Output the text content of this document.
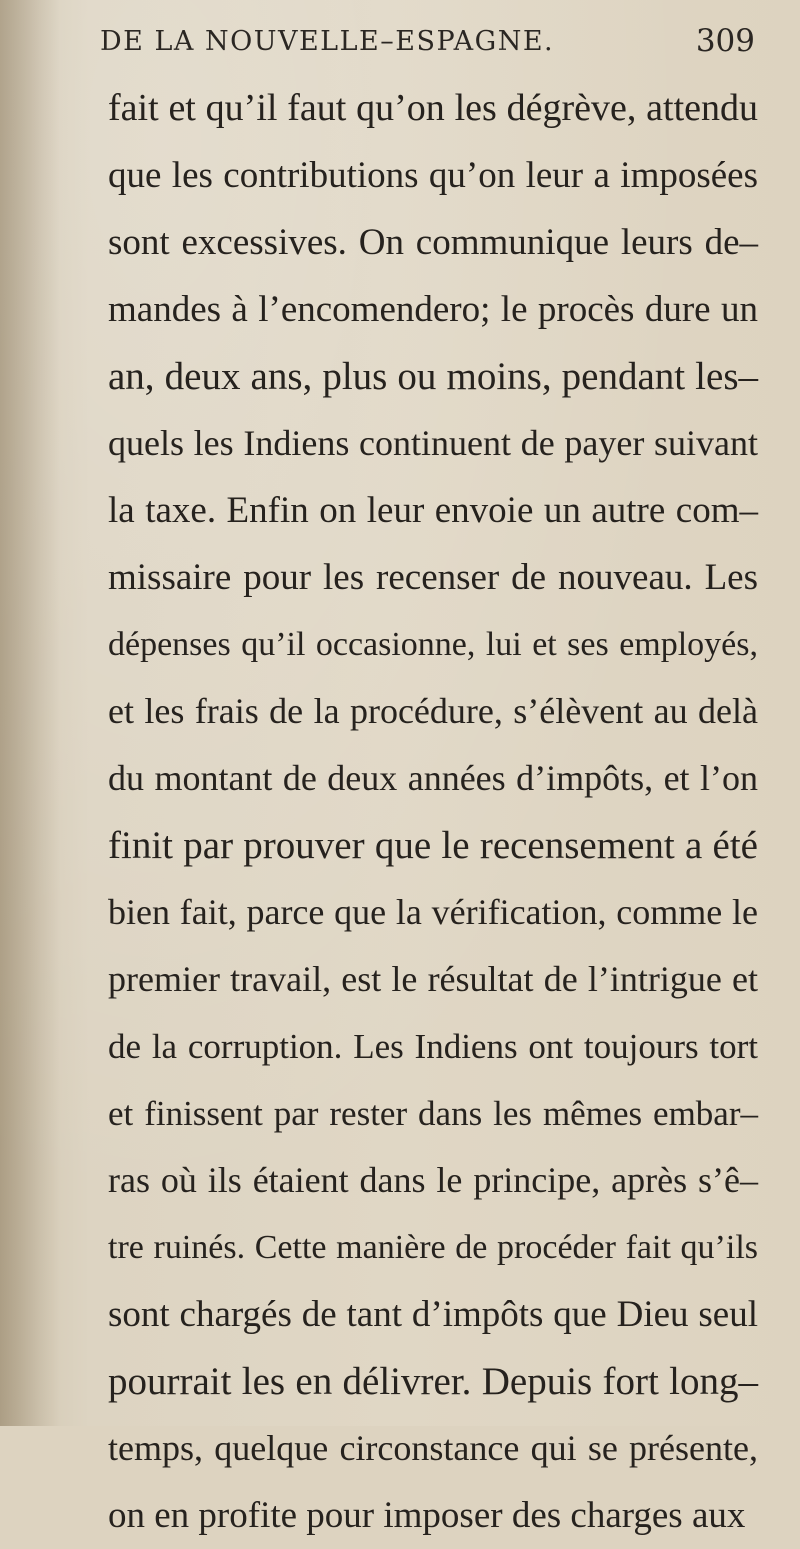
DE LA NOUVELLE–ESPAGNE.	309
fait et qu’il faut qu’on les dégrève, attendu
que les contributions qu’on leur a imposées
sont excessives. On communique leurs de–
mandes à l’encomendero; le procès dure un
an, deux ans, plus ou moins, pendant les–
quels les Indiens continuent de payer suivant
la taxe. Enfin on leur envoie un autre com–
missaire pour les recenser de nouveau. Les
dépenses qu’il occasionne, lui et ses employés,
et les frais de la procédure, s’élèvent au delà
du montant de deux années d’impôts, et l’on
finit par prouver que le recensement a été
bien fait, parce que la vérification, comme le
premier travail, est le résultat de l’intrigue et
de la corruption. Les Indiens ont toujours tort
et finissent par rester dans les mêmes embar–
ras où ils étaient dans le principe, après s’ê–
tre ruinés. Cette manière de procéder fait qu’ils
sont chargés de tant d’impôts que Dieu seul
pourrait les en délivrer. Depuis fort long–
temps, quelque circonstance qui se présente,
on en profite pour imposer des charges aux
